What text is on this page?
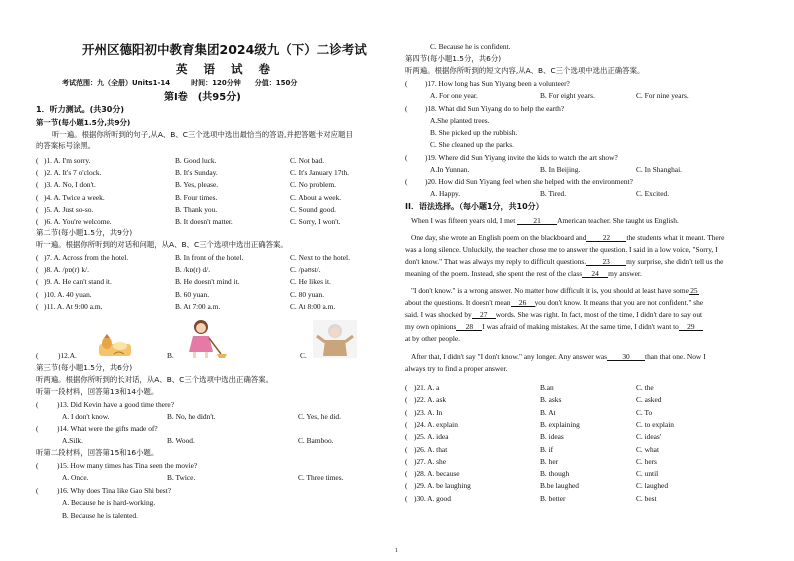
开州区德阳初中教育集团2024级九（下）二诊考试
英 语 试 卷
考试范围：九（全册）Units1-14　　　时间：120分钟　　分值：150分
第Ⅰ卷　(共95分)
1．听力测试。(共30分)
第一节(每小题1.5分,共9分)
听一遍。根据你所听到的句子,从A、B、C三个选项中选出最恰当的答语,并把答题卡对应题目
的答案标号涂黑。
( )1. A. I'm sorry.	B. Good luck.	C. Not bad.
( )2. A. It's 7 o'clock.	B. It's Sunday.	C. It's January 17th.
( )3. A. No, I don't.	B. Yes, please.	C. No problem.
( )4. A. Twice a week.	B. Four times.	C. About a week.
( )5. A. Just so-so.	B. Thank you.	C. Sound good.
( )6. A. You're welcome.	B. It doesn't matter.	C. Sorry, I won't.
第二节(每小题1.5分，共9分)
听一遍。根据你所听到的对话和问题，从A、B、C三个选项中选出正确答案。
( )7. A. Across from the hotel.	B. In front of the hotel.	C. Next to the hotel.
( )8. A. /pɒ(r) k/.	B. /kɒ(r) d/.	C. /pəʊst/.
( )9. A. He can't stand it.	B. He doesn't mind it.	C. He likes it.
( )10. A. 40 yuan.	B. 60 yuan.	C. 80 yuan.
( )11. A. At 9:00 a.m.	B. At 7:00 a.m.	C. At 8:00 a.m.
(	)12.A.	B.	C.
第三节(每小题1.5分，共6分)
听两遍。根据你所听到的长对话，从A、B、C三个选项中选出正确答案。
听第一段材料，回答第13和14小题。
(	)13. Did Kevin have a good time there?
A. I don't know.	B. No, he didn't.	C. Yes, he did.
(	)14. What were the gifts made of?
A.Silk.	B. Wood.	C. Bamboo.
听第二段材料，回答第15和16小题。
(	)15. How many times has Tina seen the movie?
A. Once.	B. Twice.	C. Three times.
(	)16. Why does Tina like Gao Shi best?
A. Because he is hard-working.
B. Because he is talented.
C. Because he is confident.
第四节(每小题1.5分，共6分)
听两遍。根据你所听到的短文内容,从A、B、C三个选项中选出正确答案。
( )17. How long has Sun Yiyang been a volunteer?
A. For one year.	B. For eight years.	C. For nine years.
( )18. What did Sun Yiyang do to help the earth?
A.She planted trees.
B. She picked up the rubbish.
C. She cleaned up the parks.
( )19. Where did Sun Yiyang invite the kids to watch the art show?
A.In Yunnan.	B. In Beijing.	C. In Shanghai.
( )20. How did Sun Yiyang feel when she helped with the environment?
A. Happy.	B. Tired.	C. Excited.
II．语法选择。（每小题1分，共10分）
When I was fifteen years old, I met 21 American teacher. She taught us English.
One day, she wrote an English poem on the blackboard and 22 the students what it meant. There
was a long silence. Unluckily, the teacher chose me to answer the question. I said in a low voice, "Sorry, I
don't know." That was always my reply to difficult questions. 23 my surprise, she didn't tell us the
meaning of the poem. Instead, she spent the rest of the class 24 my answer.
"I don't know." is a wrong answer. No matter how difficult it is, you should at least have some25
about the questions. It doesn't mean 26 you don't know. It means that you are not confident." she
said. I was shocked by 27 words. She was right. In fact, most of the time, I didn't dare to say out
my own opinions 28 I was afraid of making mistakes. At the same time, I didn't want to 29
at by other people.
After that, I didn't say "I don't know." any longer. Any answer was 30 than that one. Now I
always try to find a proper answer.
( )21. A. a	B.an	C. the
( )22. A. ask	B. asks	C. asked
( )23. A. In	B. At	C. To
( )24. A. explain	B. explaining	C. to explain
( )25. A. idea	B. ideas	C. ideas'
( )26. A. that	B. if	C. what
( )27. A. she	B. her	C. hers
( )28. A. because	B. though	C. until
( )29. A. be laughing	B.be laughed	C. laughed
( )30. A. good	B. better	C. best
1
